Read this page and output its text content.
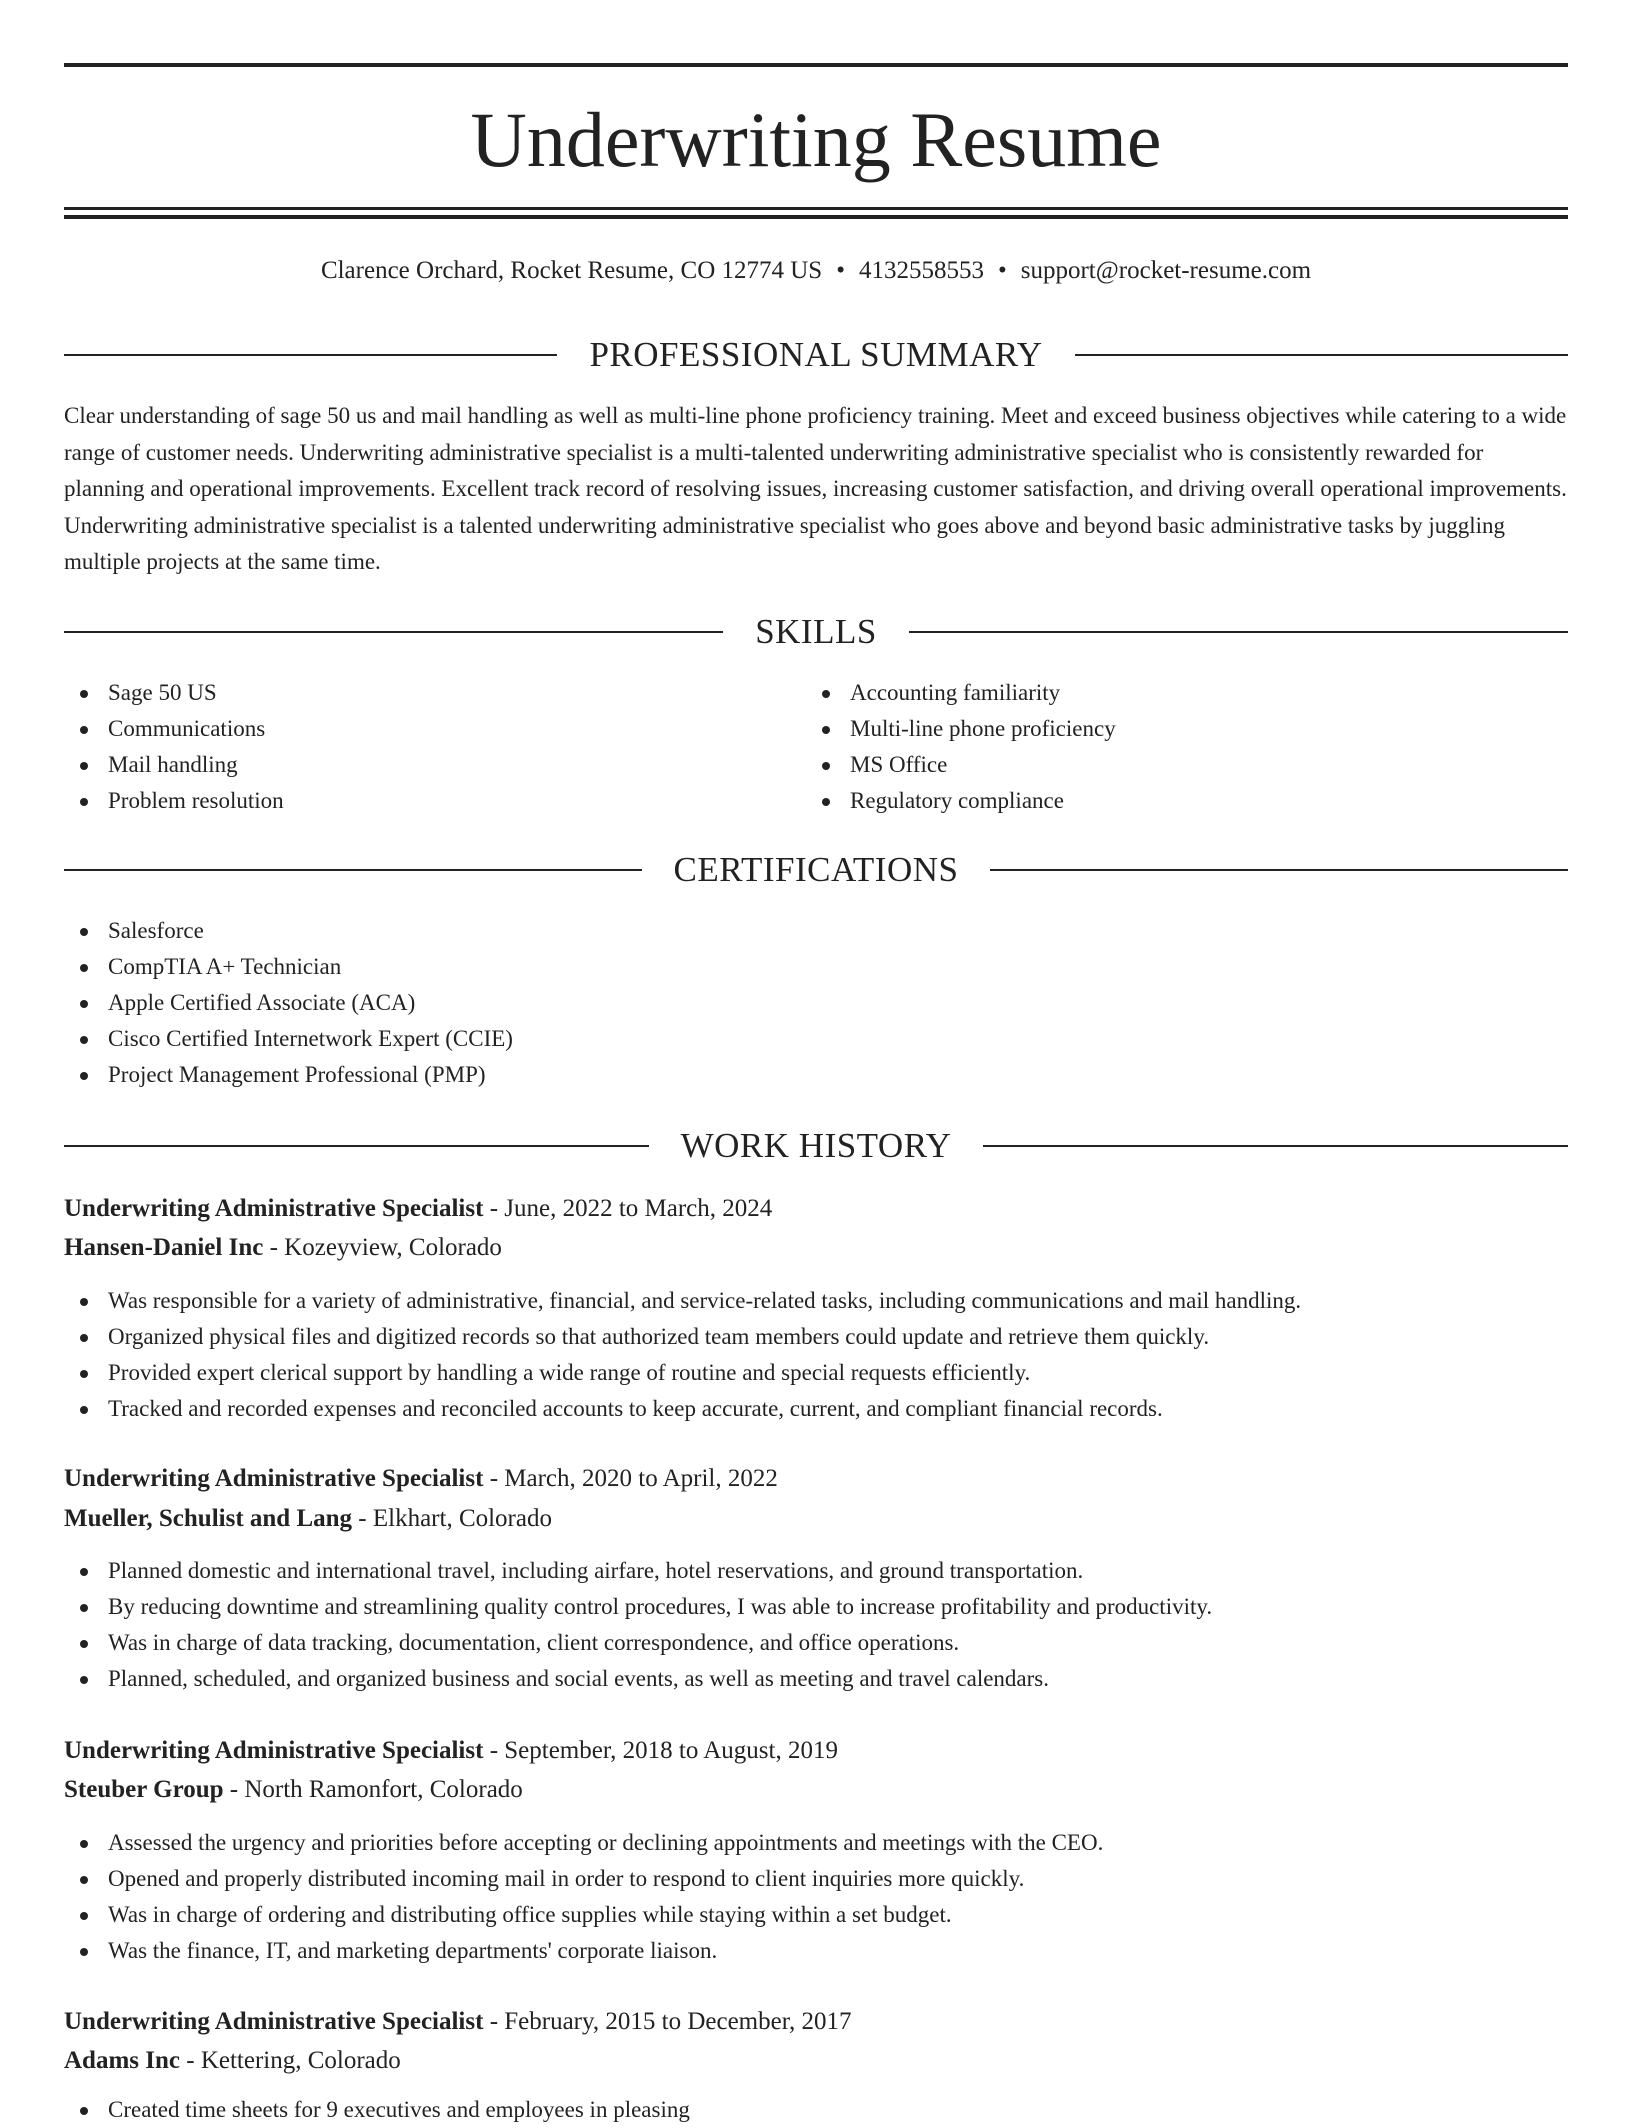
Underwriting Resume
Clarence Orchard, Rocket Resume, CO 12774 US • 4132558553 • support@rocket-resume.com
PROFESSIONAL SUMMARY

Clear understanding of sage 50 us and mail handling as well as multi-line phone proficiency training. Meet and exceed business objectives while catering to a wide range of customer needs. Underwriting administrative specialist is a multi-talented underwriting administrative specialist who is consistently rewarded for planning and operational improvements. Excellent track record of resolving issues, increasing customer satisfaction, and driving overall operational improvements. Underwriting administrative specialist is a talented underwriting administrative specialist who goes above and beyond basic administrative tasks by juggling multiple projects at the same time.

SKILLS
Sage 50 US
Communications
Mail handling
Problem resolution
Accounting familiarity
Multi-line phone proficiency
MS Office
Regulatory compliance
CERTIFICATIONS
Salesforce
CompTIA A+ Technician
Apple Certified Associate (ACA)
Cisco Certified Internetwork Expert (CCIE)
Project Management Professional (PMP)
WORK HISTORY
Underwriting Administrative Specialist - June, 2022 to March, 2024
Hansen-Daniel Inc - Kozeyview, Colorado
Was responsible for a variety of administrative, financial, and service-related tasks, including communications and mail handling.
Organized physical files and digitized records so that authorized team members could update and retrieve them quickly.
Provided expert clerical support by handling a wide range of routine and special requests efficiently.
Tracked and recorded expenses and reconciled accounts to keep accurate, current, and compliant financial records.
Underwriting Administrative Specialist - March, 2020 to April, 2022
Mueller, Schulist and Lang - Elkhart, Colorado
Planned domestic and international travel, including airfare, hotel reservations, and ground transportation.
By reducing downtime and streamlining quality control procedures, I was able to increase profitability and productivity.
Was in charge of data tracking, documentation, client correspondence, and office operations.
Planned, scheduled, and organized business and social events, as well as meeting and travel calendars.
Underwriting Administrative Specialist - September, 2018 to August, 2019
Steuber Group - North Ramonfort, Colorado
Assessed the urgency and priorities before accepting or declining appointments and meetings with the CEO.
Opened and properly distributed incoming mail in order to respond to client inquiries more quickly.
Was in charge of ordering and distributing office supplies while staying within a set budget.
Was the finance, IT, and marketing departments' corporate liaison.
Underwriting Administrative Specialist - February, 2015 to December, 2017
Adams Inc - Kettering, Colorado
Created time sheets for 9 executives and employees in pleasing
